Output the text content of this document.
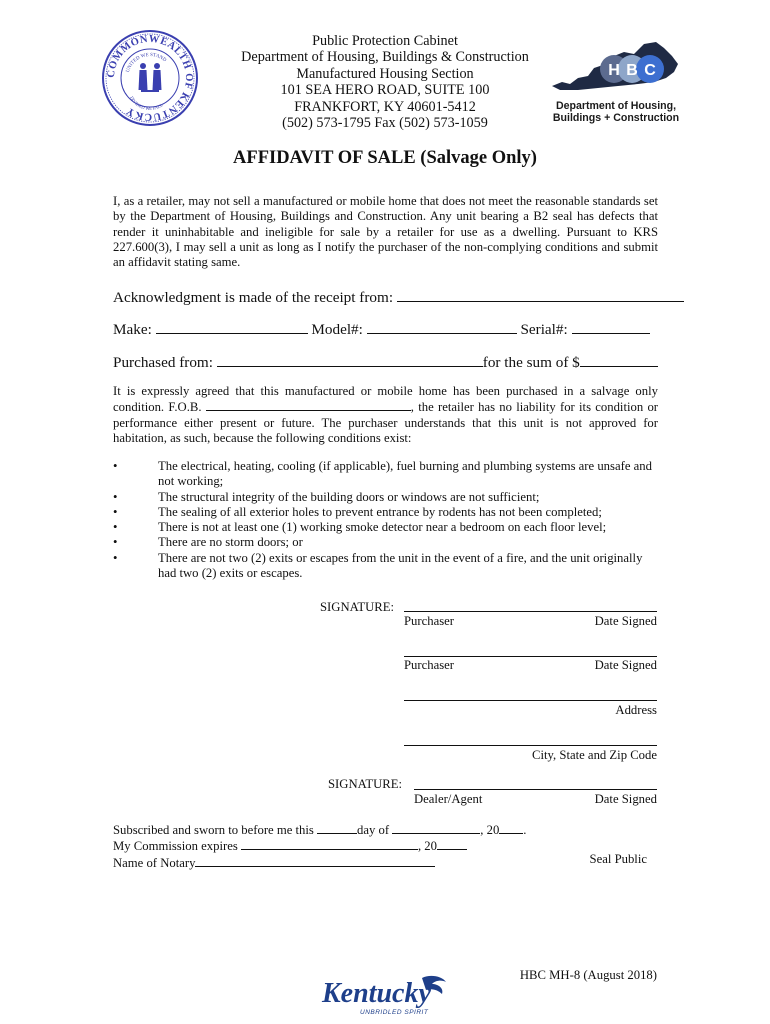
COMMONWEALTH OF KENTUCKY
UNITED WE STAND
DIVIDED WE FALL
Public Protection Cabinet
Department of Housing, Buildings & Construction
Manufactured Housing Section
101 SEA HERO ROAD, SUITE 100
FRANKFORT, KY 40601-5412
(502) 573-1795 Fax (502) 573-1059
H B C
Department of Housing,
Buildings + Construction
AFFIDAVIT OF SALE (Salvage Only)
I, as a retailer, may not sell a manufactured or mobile home that does not meet the reasonable standards set by the Department of Housing, Buildings and Construction. Any unit bearing a B2 seal has defects that render it uninhabitable and ineligible for sale by a retailer for use as a dwelling. Pursuant to KRS 227.600(3), I may sell a unit as long as I notify the purchaser of the non-complying conditions and submit an affidavit stating same.
Acknowledgment is made of the receipt from:
Make:	Model#:	Serial#:
Purchased from:	for the sum of $
It is expressly agreed that this manufactured or mobile home has been purchased in a salvage only condition. F.O.B.	, the retailer has no liability for its condition or performance either present or future. The purchaser understands that this unit is not approved for habitation, as such, because the following conditions exist:

•	The electrical, heating, cooling (if applicable), fuel burning and plumbing systems are unsafe and not working;

•	The structural integrity of the building doors or windows are not sufficient;

•	The sealing of all exterior holes to prevent entrance by rodents has not been completed;

•	There is not at least one (1) working smoke detector near a bedroom on each floor level;

•	There are no storm doors; or

•	There are not two (2) exits or escapes from the unit in the event of a fire, and the unit originally had two (2) exits or escapes.

SIGNATURE:
Purchaser	Date Signed
Purchaser	Date Signed
Address
City, State and Zip Code
SIGNATURE:
Dealer/Agent	Date Signed
Subscribed and sworn to before me this	day of	, 20 .
My Commission expires	, 20
Name of Notary	Seal Public
HBC MH-8 (August 2018)
Kentucky
UNBRIDLED SPIRIT
